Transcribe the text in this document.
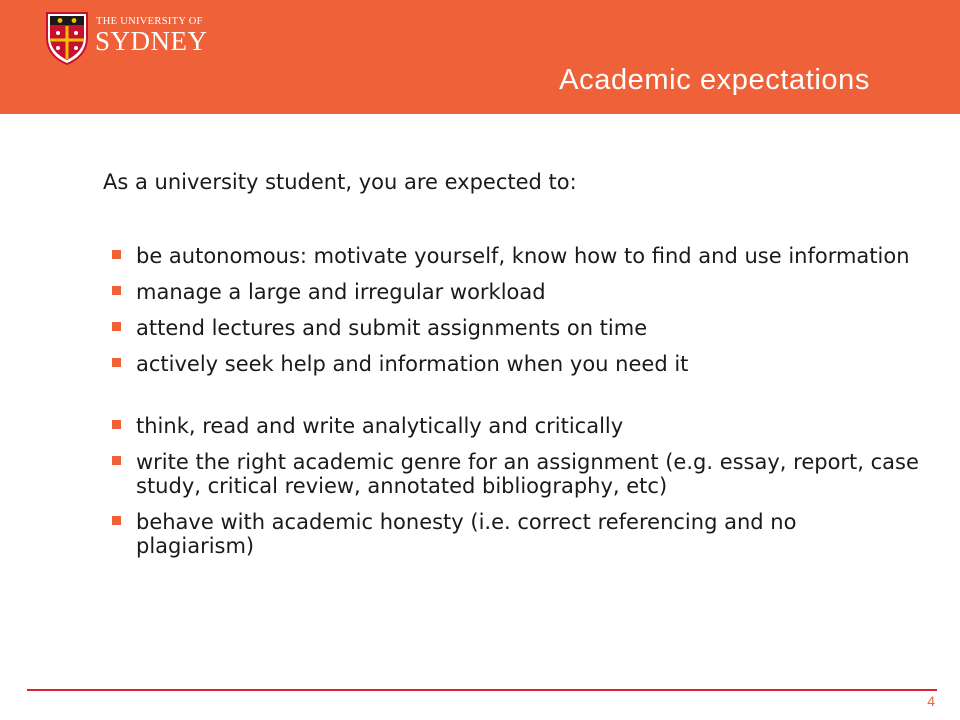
THE UNIVERSITY OF
SYDNEY
Academic expectations
As a university student, you are expected to:
be autonomous: motivate yourself, know how to find and use information
manage a large and irregular workload
attend lectures and submit assignments on time
actively seek help and information when you need it
think, read and write analytically and critically
write the right academic genre for an assignment (e.g. essay, report, case study, critical review, annotated bibliography, etc)
behave with academic honesty (i.e. correct referencing and no plagiarism)
4
